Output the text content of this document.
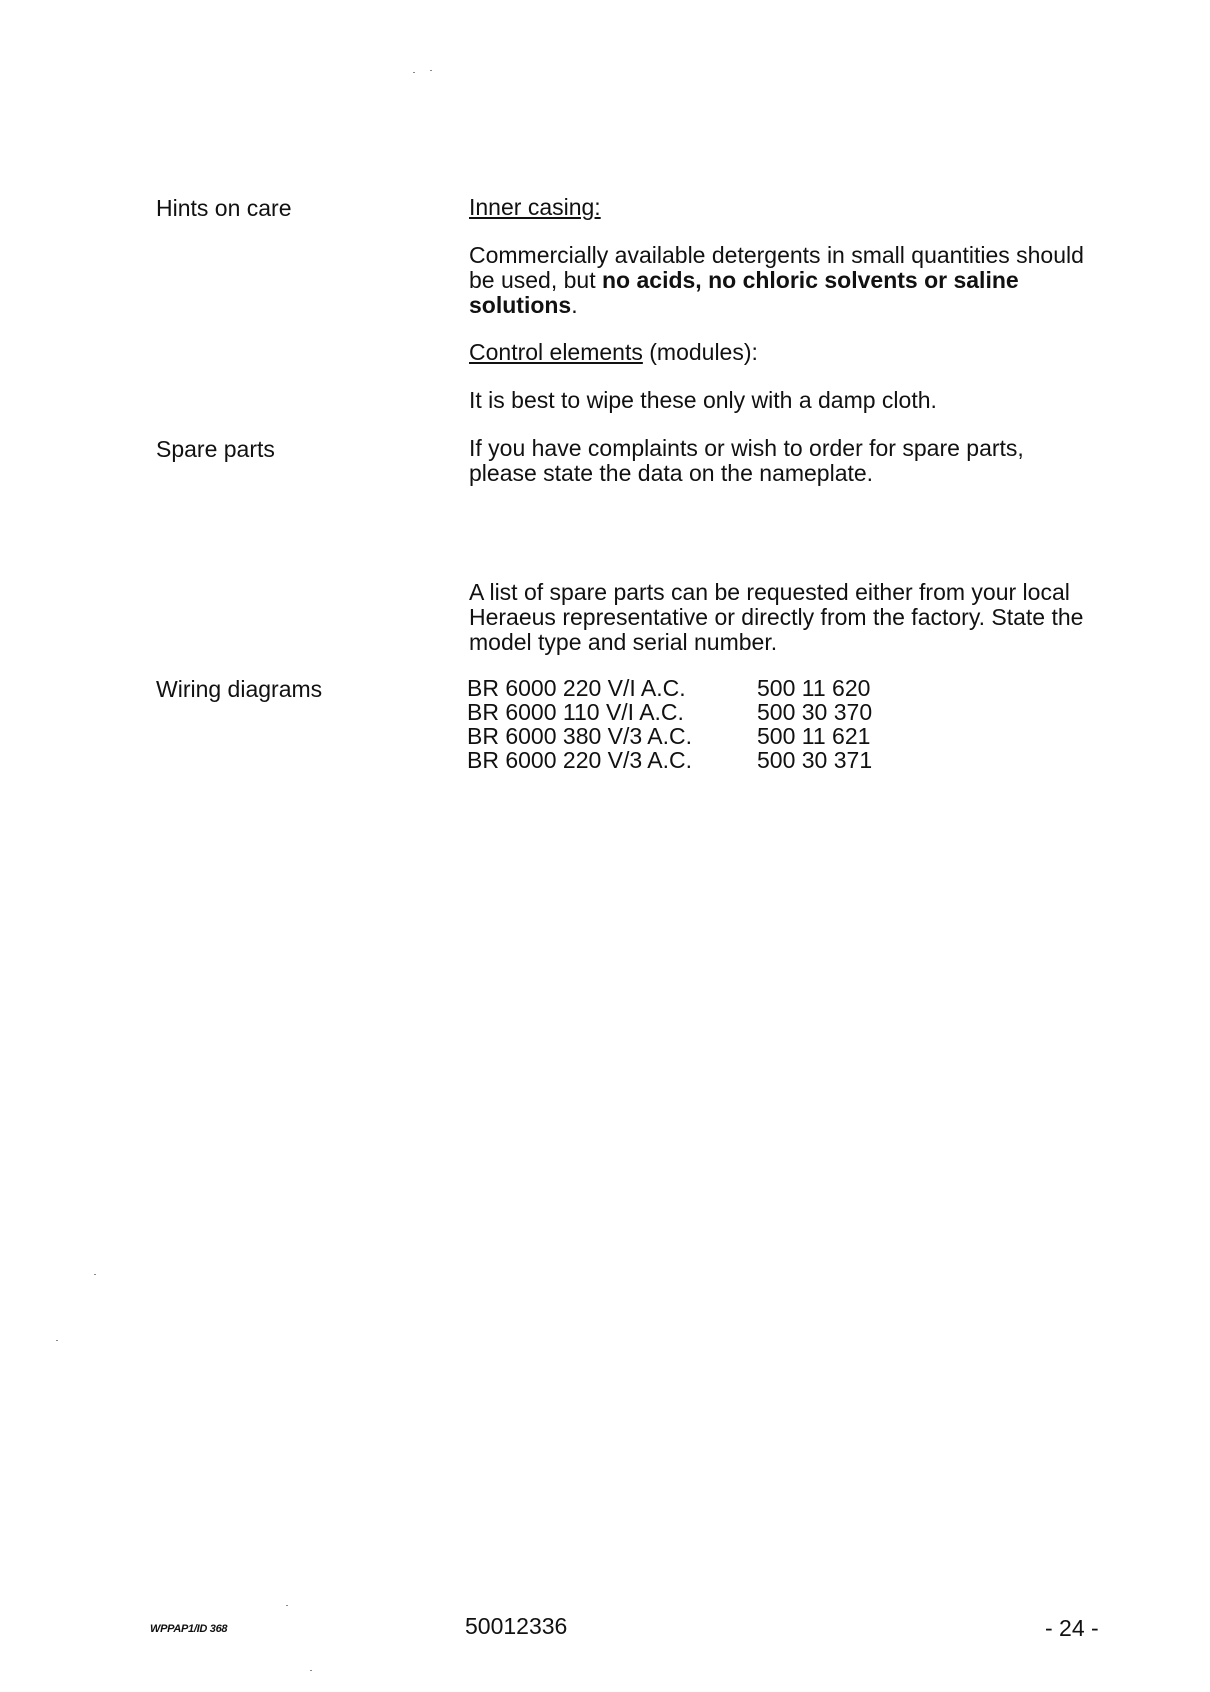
Hints on care	Inner casing:
Commercially available detergents in small quantities should be used, but no acids, no chloric solvents or saline solutions.
Control elements (modules):
It is best to wipe these only with a damp cloth.
Spare parts	If you have complaints or wish to order for spare parts, please state the data on the nameplate.
A list of spare parts can be requested either from your local Heraeus representative or directly from the factory. State the model type and serial number.
Wiring diagrams	BR 6000 220 V/I A.C.	500 11 620
BR 6000 110 V/I A.C.	500 30 370
BR 6000 380 V/3 A.C.	500 11 621
BR 6000 220 V/3 A.C.	500 30 371
WPPAP1/ID 368	50012336	- 24 -
